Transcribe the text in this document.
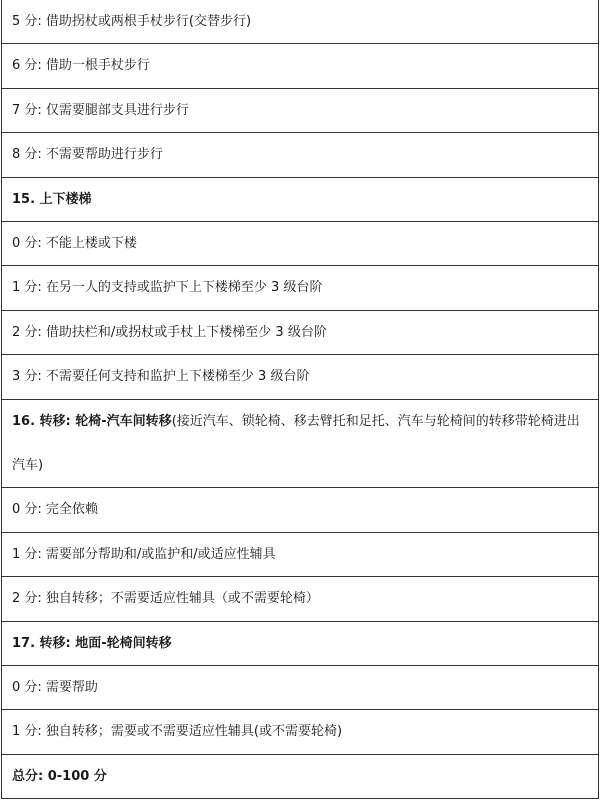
5 分: 借助拐杖或两根手杖步行(交替步行)
6 分: 借助一根手杖步行
7 分: 仅需要腿部支具进行步行
8 分: 不需要帮助进行步行
15. 上下楼梯
0 分: 不能上楼或下楼
1 分: 在另一人的支持或监护下上下楼梯至少 3 级台阶
2 分: 借助扶栏和/或拐杖或手杖上下楼梯至少 3 级台阶
3 分: 不需要任何支持和监护上下楼梯至少 3 级台阶
16. 转移: 轮椅-汽车间转移(接近汽车、锁轮椅、移去臂托和足托、汽车与轮椅间的转移带轮椅进出汽车)
0 分: 完全依赖
1 分: 需要部分帮助和/或监护和/或适应性辅具
2 分: 独自转移；不需要适应性辅具（或不需要轮椅）
17. 转移: 地面-轮椅间转移
0 分: 需要帮助
1 分: 独自转移；需要或不需要适应性辅具(或不需要轮椅)
总分: 0-100 分
